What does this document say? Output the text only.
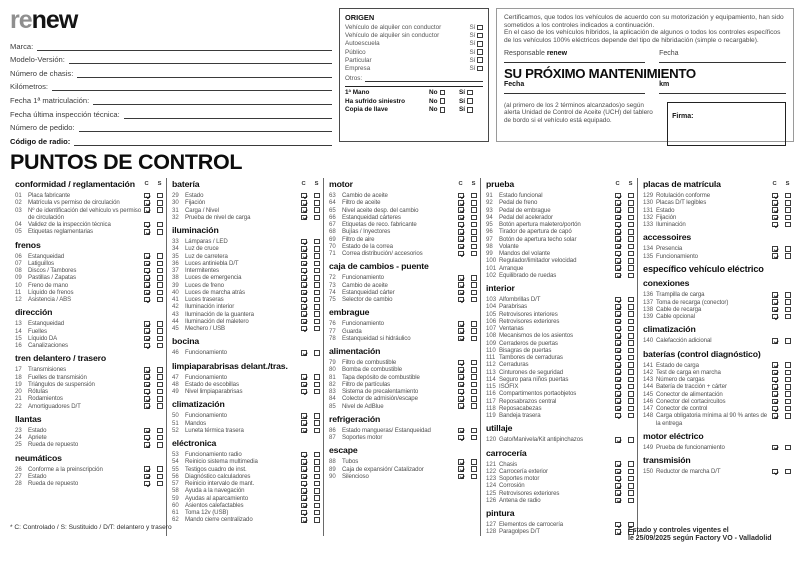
renew
Marca:
Modelo-Versión:
Número de chasis:
Kilómetros:
Fecha 1ª matriculación:
Fecha última inspección técnica:
Número de pedido:
Código de radio:
ORIGEN
Vehículo de alquiler con conductor	Sí
Vehículo de alquiler sin conductor	Sí
Autoescuela	Sí
Público	Sí
Particular	Sí
Empresa	Sí
Otros:
1ª Mano	No	Sí
Ha sufrido siniestro	No	Sí
Copia de llave	No	Sí
Certificamos, que todos los vehículos de acuerdo con su motorización y equipamiento, han sido sometidos a los controles indicados a continuación.
En el caso de los vehículos híbridos, la aplicación de algunos o todos los controles específicos de los vehículos 100% eléctricos depende del tipo de hibridación (simple o recargable).
Responsable renew
SU PRÓXIMO MANTENIMIENTO
Fecha
Fecha
km
(al primero de los 2 términos alcanzados)o según alerta Unidad de Control de Aceite (UCH) del tablero de bordo si el vehículo está equipado.
Firma:
PUNTOS DE CONTROL
conformidad / reglamentación	C S
01	Placa fabricante
02	Matrícula vs permiso de circulación
03	Nº de identificación del vehículo vs permiso de circulación
04	Validez de la inspección técnica
05	Etiquetas reglamentarias
frenos
06	Estanqueidad
07	Latiguillos
08	Discos / Tambores
09	Pastillas / Zapatas
10	Freno de mano
11	Líquido de frenos
12	Asistencia / ABS
dirección
13	Estanqueidad
14	Fuelles
15	Líquido DA
16	Canalizaciones
tren delantero / trasero
17	Transmisiones
18	Fuelles de transmisión
19	Triángulos de suspensión
20	Rótulas
21	Rodamientos
22	Amortiguadores D/T
llantas
23	Estado
24	Apriete
25	Rueda de repuesto
neumáticos
26	Conforme a la preinscripción
27	Estado
28	Rueda de repuesto
batería	C S
29	Estado
30	Fijación
31	Carga / Nivel
32	Prueba de nivel de carga
iluminación
33	Lámparas / LED
34	Luz de cruce
35	Luz de carretera
36	Luces antiniebla D/T
37	Intermitentes
38	Luces de emergencia
39	Luces de freno
40	Luces de marcha atrás
41	Luces traseras
42	Iluminación interior
43	Iluminación de la guantera
44	Iluminación del maletero
45	Mechero / USB
bocina
46	Funcionamiento
limpiaparabrisas delant./tras.
47	Funcionamiento
48	Estado de escobillas
49	Nivel limpiaparabrisas
climatización
50	Funcionamiento
51	Mandos
52	Luneta térmica trasera
eléctronica
53	Funcionamiento radio
54	Reinicio sistema multimedia
55	Testigos cuadro de inst.
56	Diagnóstico calculadores
57	Reinicio intervalo de mant.
58	Ayuda a la navegación
59	Ayudas al aparcamiento
60	Asientos calefactables
61	Toma 12v (USB)
62	Mando cierre centralizado
motor	C S
63	Cambio de aceite
64	Filtro de aceite
65	Nivel aceite desp. del cambio
66	Estanqueidad cárteres
67	Etiquetas de reco. fabricante
68	Bujías / Inyectores
69	Filtro de aire
70	Estado de la correa
71	Correa distribución/ accesorios
caja de cambios - puente
72	Funcionamiento
73	Cambio de aceite
74	Estanqueidad cárter
75	Selector de cambio
embrague
76	Funcionamiento
77	Guarda
78	Estanqueidad si hidráulico
alimentación
79	Filtro de combustible
80	Bomba de combustible
81	Tapa depósito de combustible
82	Filtro de partículas
83	Sistema de precalentamiento
84	Colector de admisión/escape
85	Nivel de AdBlue
refrigeración
86	Estado mangueras/ Estanqueidad
87	Soportes motor
escape
88	Tubos
89	Caja de expansión/ Catalizador
90	Silencioso
prueba	C S
91	Estado funcional
92	Pedal de freno
93	Pedal de embrague
94	Pedal del acelerador
95	Botón apertura maletero/portón
96	Tirador de apertura de capó
97	Botón de apertura techo solar
98	Volante
99	Mandos del volante
100 Regulador/limitador velocidad
101 Arranque
102 Equilibrado de ruedas
interior
103 Alfombrillas D/T
104 Parabrisas
105 Retrovisores interiores
106 Retrovisores exteriores
107 Ventanas
108 Mecanismos de los asientos
109 Cerraderos de puertas
110 Bisagras de puertas
111 Tambores de cerraduras
112 Cerraduras
113 Cinturones de seguridad
114 Seguro para niños puertas
115 ISOFIX
116 Compartimentos portaobjetos
117 Reposabrazos central
118 Reposacabezas
119 Bandeja trasera
utillaje
120 Gato/Manivela/Kit antipinchazos
carrocería
121 Chasis
122 Carrocería exterior
123 Soportes motor
124 Corrosión
125 Retrovisores exteriores
126 Antena de radio
pintura
127 Elementos de carrocería
128 Paragolpes D/T
placas de matrícula	C S
129 Rotulación conforme
130 Placas D/T legibles
131 Estado
132 Fijación
133 Iluminación
accessoires
134 Presencia
135 Funcionamiento
específico vehículo eléctrico
conexiones
136 Trampilla de carga
137 Toma de recarga (conector)
138 Cable de recarga
139 Cable opcional
climatización
140 Calefacción adicional
baterías (control diagnóstico)
141 Estado de carga
142 Test de carga en marcha
143 Número de cargas
144 Batería de tracción + cárter
145 Conector de alimentación
146 Conector del cortacircuitos
147 Conector de control
148 Carga obligatoria mínima al 90 % antes de la entrega
motor eléctrico
149 Prueba de funcionamiento
transmisión
150 Reductor de marcha D/T
* C: Controlado / S: Sustituido / D/T: delantero y trasero	Estado y controles vigentes el
le 25/09/2025 según Factory VO - Valladolid
